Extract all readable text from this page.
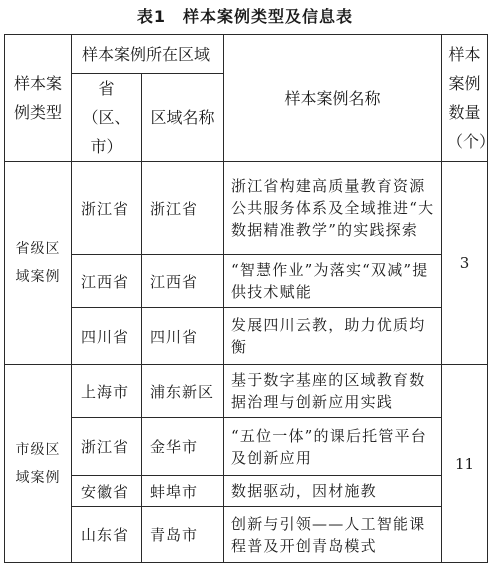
表1　样本案例类型及信息表
样本案例类型	样本案例所在区域		样本案例名称	样本案例数量（个）
	省（区、市）	区域名称		
省级区域案例	浙江省	浙江省	浙江省构建高质量教育资源公共服务体系及全域推进“大数据精准教学”的实践探索	3
	江西省	江西省	“智慧作业”为落实“双减”提供技术赋能	
	四川省	四川省	发展四川云教，助力优质均衡	
市级区域案例	上海市	浦东新区	基于数字基座的区域教育数据治理与创新应用实践	11
	浙江省	金华市	“五位一体”的课后托管平台及创新应用	
	安徽省	蚌埠市	数据驱动，因材施教	
	山东省	青岛市	创新与引领——人工智能课程普及开创青岛模式	
